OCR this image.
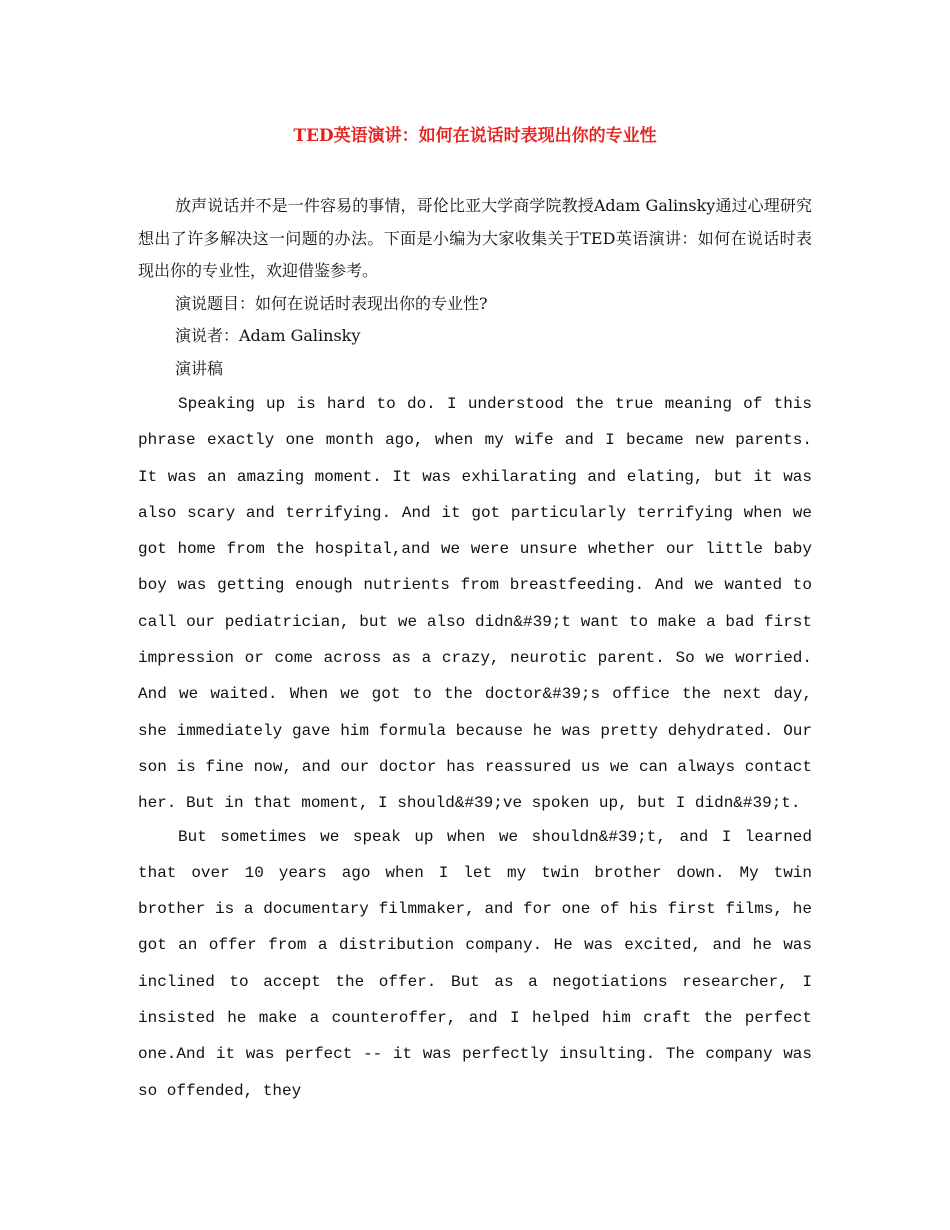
TED英语演讲：如何在说话时表现出你的专业性

放声说话并不是一件容易的事情，哥伦比亚大学商学院教授Adam Galinsky通过心理研究想出了许多解决这一问题的办法。下面是小编为大家收集关于TED英语演讲：如何在说话时表现出你的专业性，欢迎借鉴参考。

演说题目：如何在说话时表现出你的专业性?

演说者：Adam Galinsky

演讲稿

Speaking up is hard to do. I understood the true meaning of this phrase exactly one month ago, when my wife and I became new parents. It was an amazing moment. It was exhilarating and elating, but it was also scary and terrifying. And it got particularly terrifying when we got home from the hospital,and we were unsure whether our little baby boy was getting enough nutrients from breastfeeding. And we wanted to call our pediatrician, but we also didn&#39;t want to make a bad first impression or come across as a crazy, neurotic parent. So we worried. And we waited. When we got to the doctor&#39;s office the next day, she immediately gave him formula because he was pretty dehydrated. Our son is fine now, and our doctor has reassured us we can always contact her. But in that moment, I should&#39;ve spoken up, but I didn&#39;t.

But sometimes we speak up when we shouldn&#39;t, and I learned that over 10 years ago when I let my twin brother down. My twin brother is a documentary filmmaker, and for one of his first films, he got an offer from a distribution company. He was excited, and he was inclined to accept the offer. But as a negotiations researcher, I insisted he make a counteroffer, and I helped him craft the perfect one.And it was perfect -- it was perfectly insulting. The company was so offended, they
